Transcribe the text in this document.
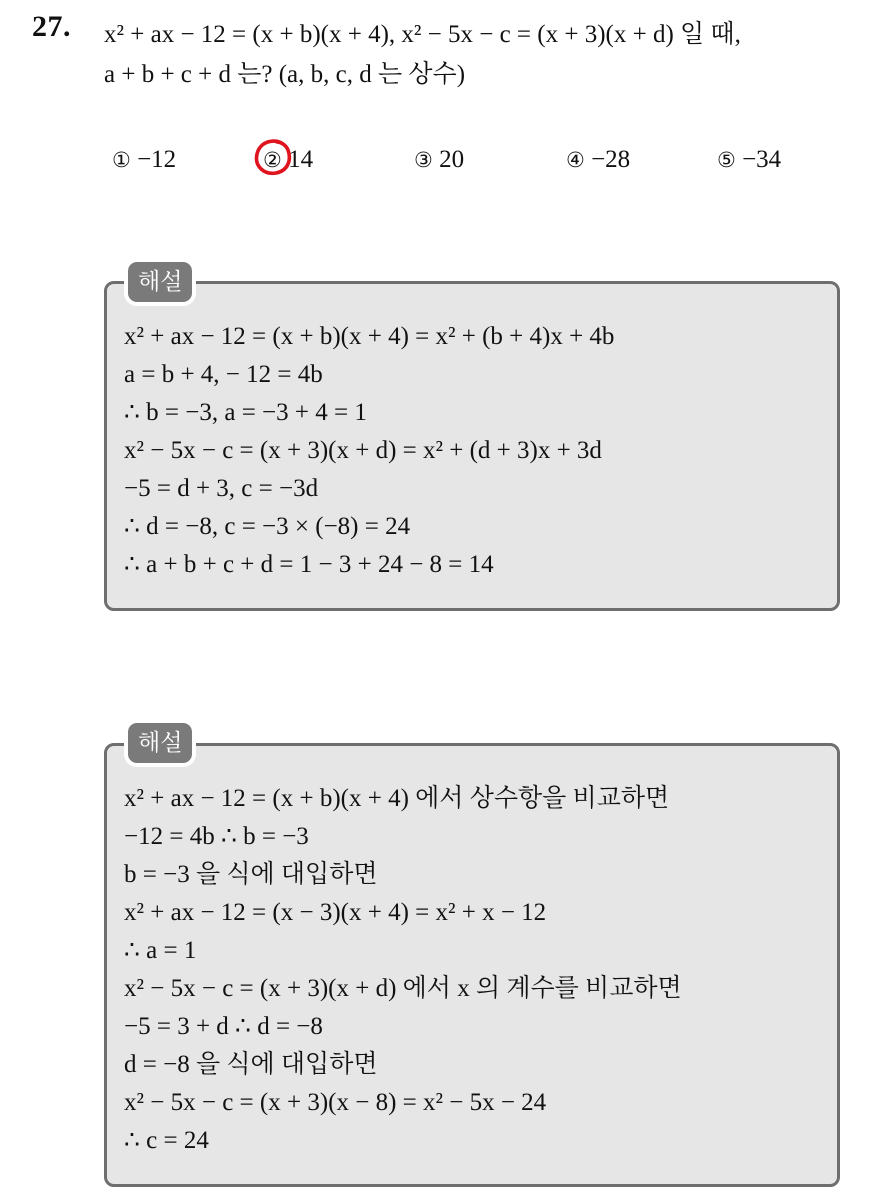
27. x² + ax − 12 = (x + b)(x + 4), x² − 5x − c = (x + 3)(x + d) 일 때,
a + b + c + d 는? (a, b, c, d 는 상수)
① −12	② 14	③ 20	④ −28	⑤ −34
해설
x² + ax − 12 = (x + b)(x + 4) = x² + (b + 4)x + 4b
a = b + 4, − 12 = 4b
∴ b = −3, a = −3 + 4 = 1
x² − 5x − c = (x + 3)(x + d) = x² + (d + 3)x + 3d
−5 = d + 3, c = −3d
∴ d = −8, c = −3 × (−8) = 24
∴ a + b + c + d = 1 − 3 + 24 − 8 = 14
해설
x² + ax − 12 = (x + b)(x + 4) 에서 상수항을 비교하면
−12 = 4b ∴ b = −3
b = −3 을 식에 대입하면
x² + ax − 12 = (x − 3)(x + 4) = x² + x − 12
∴ a = 1
x² − 5x − c = (x + 3)(x + d) 에서 x 의 계수를 비교하면
−5 = 3 + d ∴ d = −8
d = −8 을 식에 대입하면
x² − 5x − c = (x + 3)(x − 8) = x² − 5x − 24
∴ c = 24
